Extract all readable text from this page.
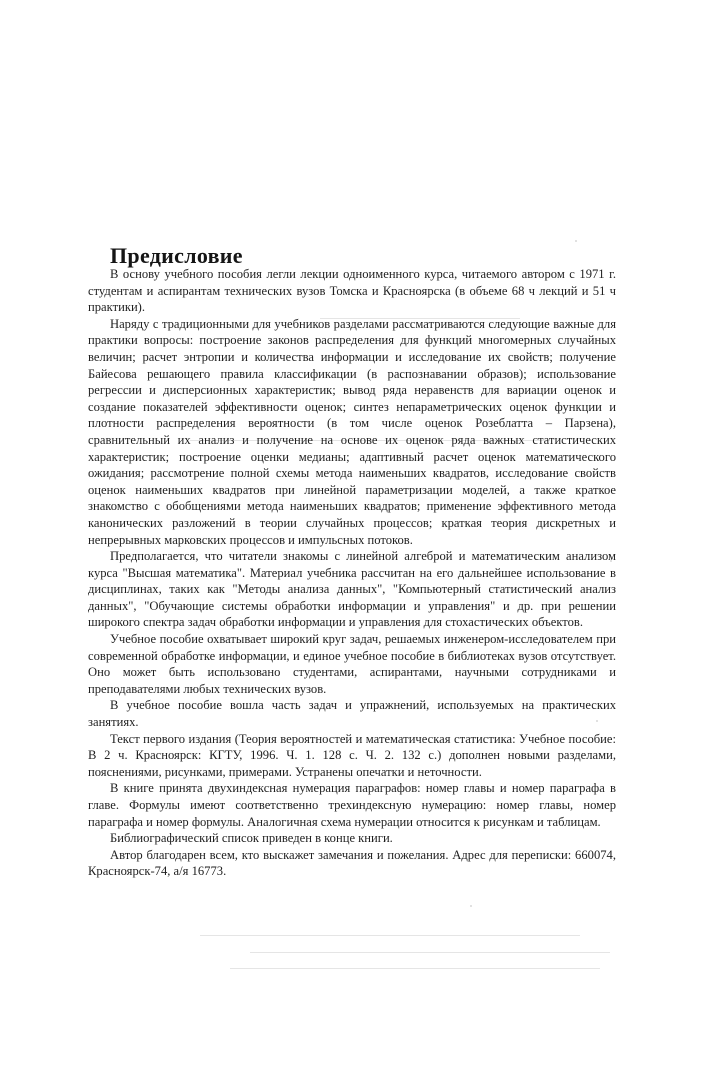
Предисловие

В основу учебного пособия легли лекции одноименного курса, читаемого автором с 1971 г. студентам и аспирантам технических вузов Томска и Красноярска (в объеме 68 ч лекций и 51 ч практики).

Наряду с традиционными для учебников разделами рассматриваются следующие важные для практики вопросы: построение законов распределения для функций многомерных случайных величин; расчет энтропии и количества информации и исследование их свойств; получение Байесова решающего правила классификации (в распознавании образов); использование регрессии и дисперсионных характеристик; вывод ряда неравенств для вариации оценок и создание показателей эффективности оценок; синтез непараметрических оценок функции и плотности распределения вероятности (в том числе оценок Розеблатта – Парзена), сравнительный их анализ и получение на основе их оценок ряда важных статистических характеристик; построение оценки медианы; адаптивный расчет оценок математического ожидания; рассмотрение полной схемы метода наименьших квадратов, исследование свойств оценок наименьших квадратов при линейной параметризации моделей, а также краткое знакомство с обобщениями метода наименьших квадратов; применение эффективного метода канонических разложений в теории случайных процессов; краткая теория дискретных и непрерывных марковских процессов и импульсных потоков.

Предполагается, что читатели знакомы с линейной алгеброй и математическим анализом курса "Высшая математика". Материал учебника рассчитан на его дальнейшее использование в дисциплинах, таких как "Методы анализа данных", "Компьютерный статистический анализ данных", "Обучающие системы обработки информации и управления" и др. при решении широкого спектра задач обработки информации и управления для стохастических объектов.

Учебное пособие охватывает широкий круг задач, решаемых инженером-исследователем при современной обработке информации, и единое учебное пособие в библиотеках вузов отсутствует. Оно может быть использовано студентами, аспирантами, научными сотрудниками и преподавателями любых технических вузов.

В учебное пособие вошла часть задач и упражнений, используемых на практических занятиях.

Текст первого издания (Теория вероятностей и математическая статистика: Учебное пособие: В 2 ч. Красноярск: КГТУ, 1996. Ч. 1. 128 с. Ч. 2. 132 с.) дополнен новыми разделами, пояснениями, рисунками, примерами. Устранены опечатки и неточности.

В книге принята двухиндексная нумерация параграфов: номер главы и номер параграфа в главе. Формулы имеют соответственно трехиндексную нумерацию: номер главы, номер параграфа и номер формулы. Аналогичная схема нумерации относится к рисункам и таблицам.

Библиографический список приведен в конце книги.

Автор благодарен всем, кто выскажет замечания и пожелания. Адрес для переписки: 660074, Красноярск-74, а/я 16773.
